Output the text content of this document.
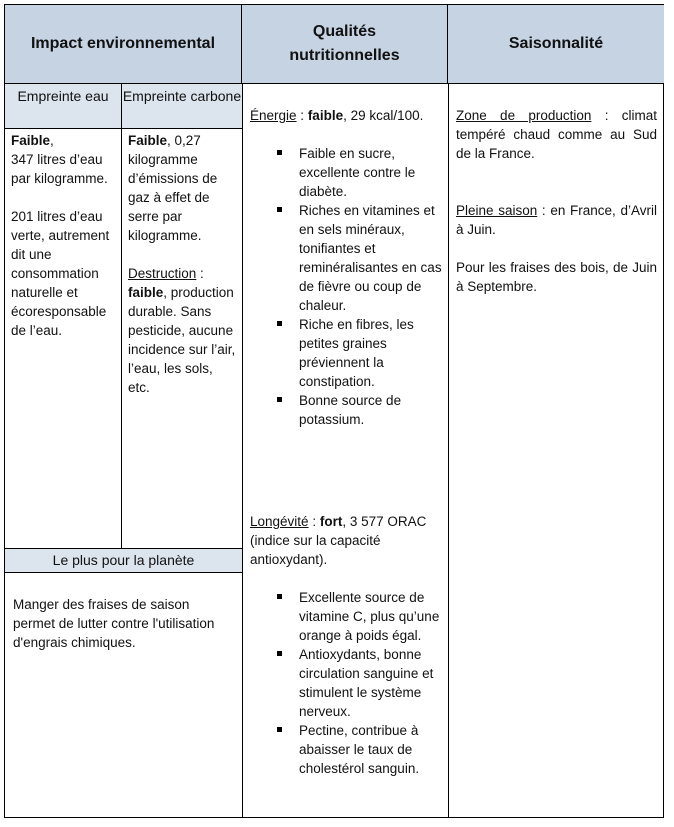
Impact environnemental
Qualités nutritionnelles
Saisonnalité
Empreinte eau	Empreinte carbone

Faible,

347 litres d’eau par kilogramme.

201 litres d’eau verte, autrement dit une consommation naturelle et écoresponsable de l’eau.

Faible, 0,27 kilogramme d’émissions de gaz à effet de serre par kilogramme.

Destruction :

faible, production durable. Sans pesticide, aucune incidence sur l’air, l’eau, les sols, etc.

Le plus pour la planète

Manger des fraises de saison permet de lutter contre l'utilisation d'engrais chimiques.

Énergie : faible, 29 kcal/100.

Faible en sucre, excellente contre le diabète.
Riches en vitamines et en sels minéraux, tonifiantes et reminéralisantes en cas de fièvre ou coup de chaleur.
Riche en fibres, les petites graines préviennent la constipation.
Bonne source de potassium.

Longévité : fort, 3 577 ORAC (indice sur la capacité antioxydant).

Excellente source de vitamine C, plus qu’une orange à poids égal.
Antioxydants, bonne circulation sanguine et stimulent le système nerveux.
Pectine, contribue à abaisser le taux de cholestérol sanguin.

Zone de production : climat tempéré chaud comme au Sud de la France.

Pleine saison : en France, d’Avril à Juin.

Pour les fraises des bois, de Juin à Septembre.
